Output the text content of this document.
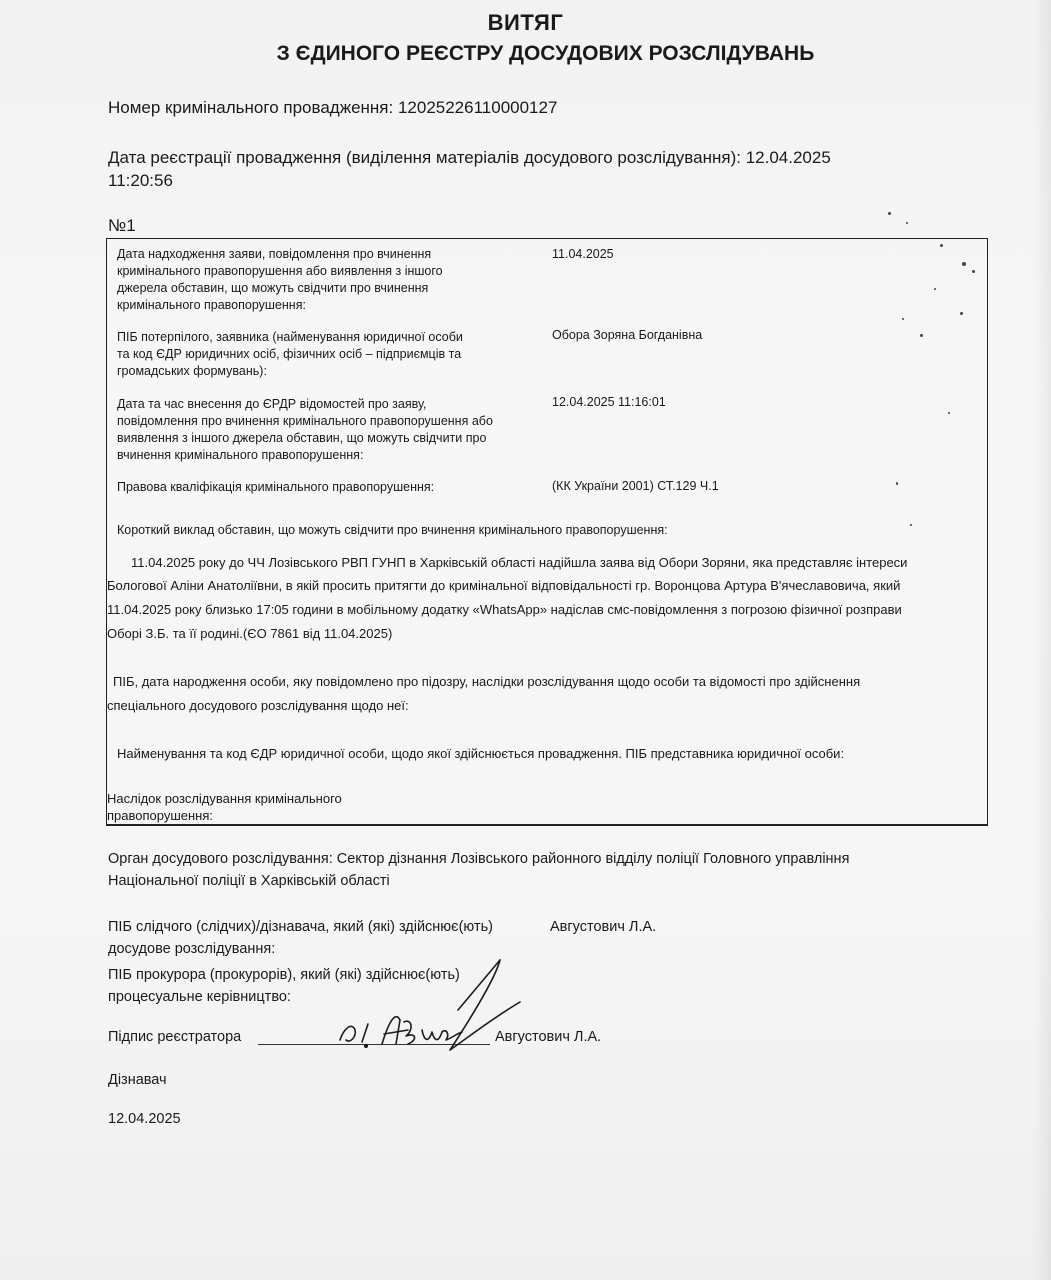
ВИТЯГ
З ЄДИНОГО РЕЄСТРУ ДОСУДОВИХ РОЗСЛІДУВАНЬ
Номер кримінального провадження: 12025226110000127
Дата реєстрації провадження (виділення матеріалів досудового розслідування): 12.04.2025
11:20:56
№1
Дата надходження заяви, повідомлення про вчинення
кримінального правопорушення або виявлення з іншого
джерела обставин, що можуть свідчити про вчинення
кримінального правопорушення:
11.04.2025
ПІБ потерпілого, заявника (найменування юридичної особи
та код ЄДР юридичних осіб, фізичних осіб – підприємців та
громадських формувань):
Обора Зоряна Богданівна
Дата та час внесення до ЄРДР відомостей про заяву,
повідомлення про вчинення кримінального правопорушення або
виявлення з іншого джерела обставин, що можуть свідчити про
вчинення кримінального правопорушення:
12.04.2025 11:16:01
Правова кваліфікація кримінального правопорушення:	(КК України 2001) СТ.129 Ч.1
Короткий виклад обставин, що можуть свідчити про вчинення кримінального правопорушення:
11.04.2025 року до ЧЧ Лозівського РВП ГУНП в Харківській області надійшла заява від Обори Зоряни, яка представляє інтереси
Бологової Аліни Анатоліївни, в якій просить притягти до кримінальної відповідальності гр. Воронцова Артура В'ячеславовича, який
11.04.2025 року близько 17:05 години в мобільному додатку «WhatsApp» надіслав смс-повідомлення з погрозою фізичної розправи
Оборі З.Б. та її родині.(ЄО 7861 від 11.04.2025)
ПІБ, дата народження особи, яку повідомлено про підозру, наслідки розслідування щодо особи та відомості про здійснення
спеціального досудового розслідування щодо неї:
Найменування та код ЄДР юридичної особи, щодо якої здійснюється провадження. ПІБ представника юридичної особи:
Наслідок розслідування кримінального
правопорушення:
Орган досудового розслідування: Сектор дізнання Лозівського районного відділу поліції Головного управління
Національної поліції в Харківській області
ПІБ слідчого (слідчих)/дізнавача, який (які) здійснює(ють)
досудове розслідування:
Августович Л.А.
ПІБ прокурора (прокурорів), який (які) здійснює(ють)
процесуальне керівництво:
Підпис реєстратора	Августович Л.А.
Дізнавач
12.04.2025
